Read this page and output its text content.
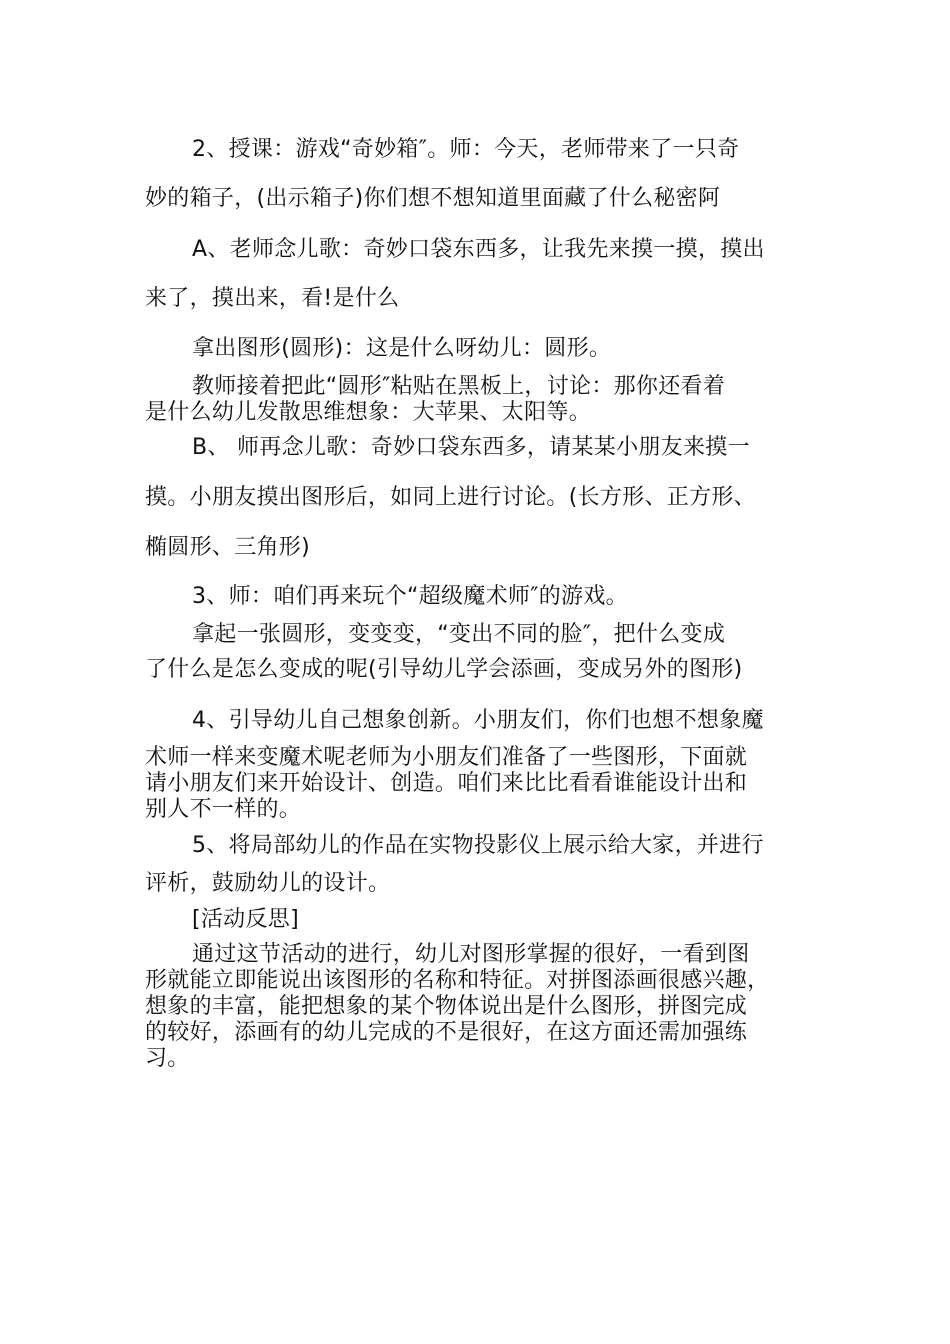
2、授课：游戏“奇妙箱″。师：今天，老师带来了一只奇
妙的箱子，(出示箱子)你们想不想知道里面藏了什么秘密阿
A、老师念儿歌：奇妙口袋东西多，让我先来摸一摸，摸出
来了，摸出来，看!是什么
拿出图形(圆形)：这是什么呀幼儿：圆形。
教师接着把此“圆形″粘贴在黑板上，讨论：那你还看着
是什么幼儿发散思维想象：大苹果、太阳等。
B、 师再念儿歌：奇妙口袋东西多，请某某小朋友来摸一
摸。小朋友摸出图形后，如同上进行讨论。(长方形、正方形、
椭圆形、三角形)
3、师：咱们再来玩个“超级魔术师″的游戏。
拿起一张圆形，变变变，“变出不同的脸″，把什么变成
了什么是怎么变成的呢(引导幼儿学会添画，变成另外的图形)
4、引导幼儿自己想象创新。小朋友们，你们也想不想象魔
术师一样来变魔术呢老师为小朋友们准备了一些图形，下面就
请小朋友们来开始设计、创造。咱们来比比看看谁能设计出和
别人不一样的。
5、将局部幼儿的作品在实物投影仪上展示给大家，并进行
评析，鼓励幼儿的设计。
[活动反思]
通过这节活动的进行，幼儿对图形掌握的很好，一看到图
形就能立即能说出该图形的名称和特征。对拼图添画很感兴趣，
想象的丰富，能把想象的某个物体说出是什么图形，拼图完成
的较好，添画有的幼儿完成的不是很好，在这方面还需加强练
习。
